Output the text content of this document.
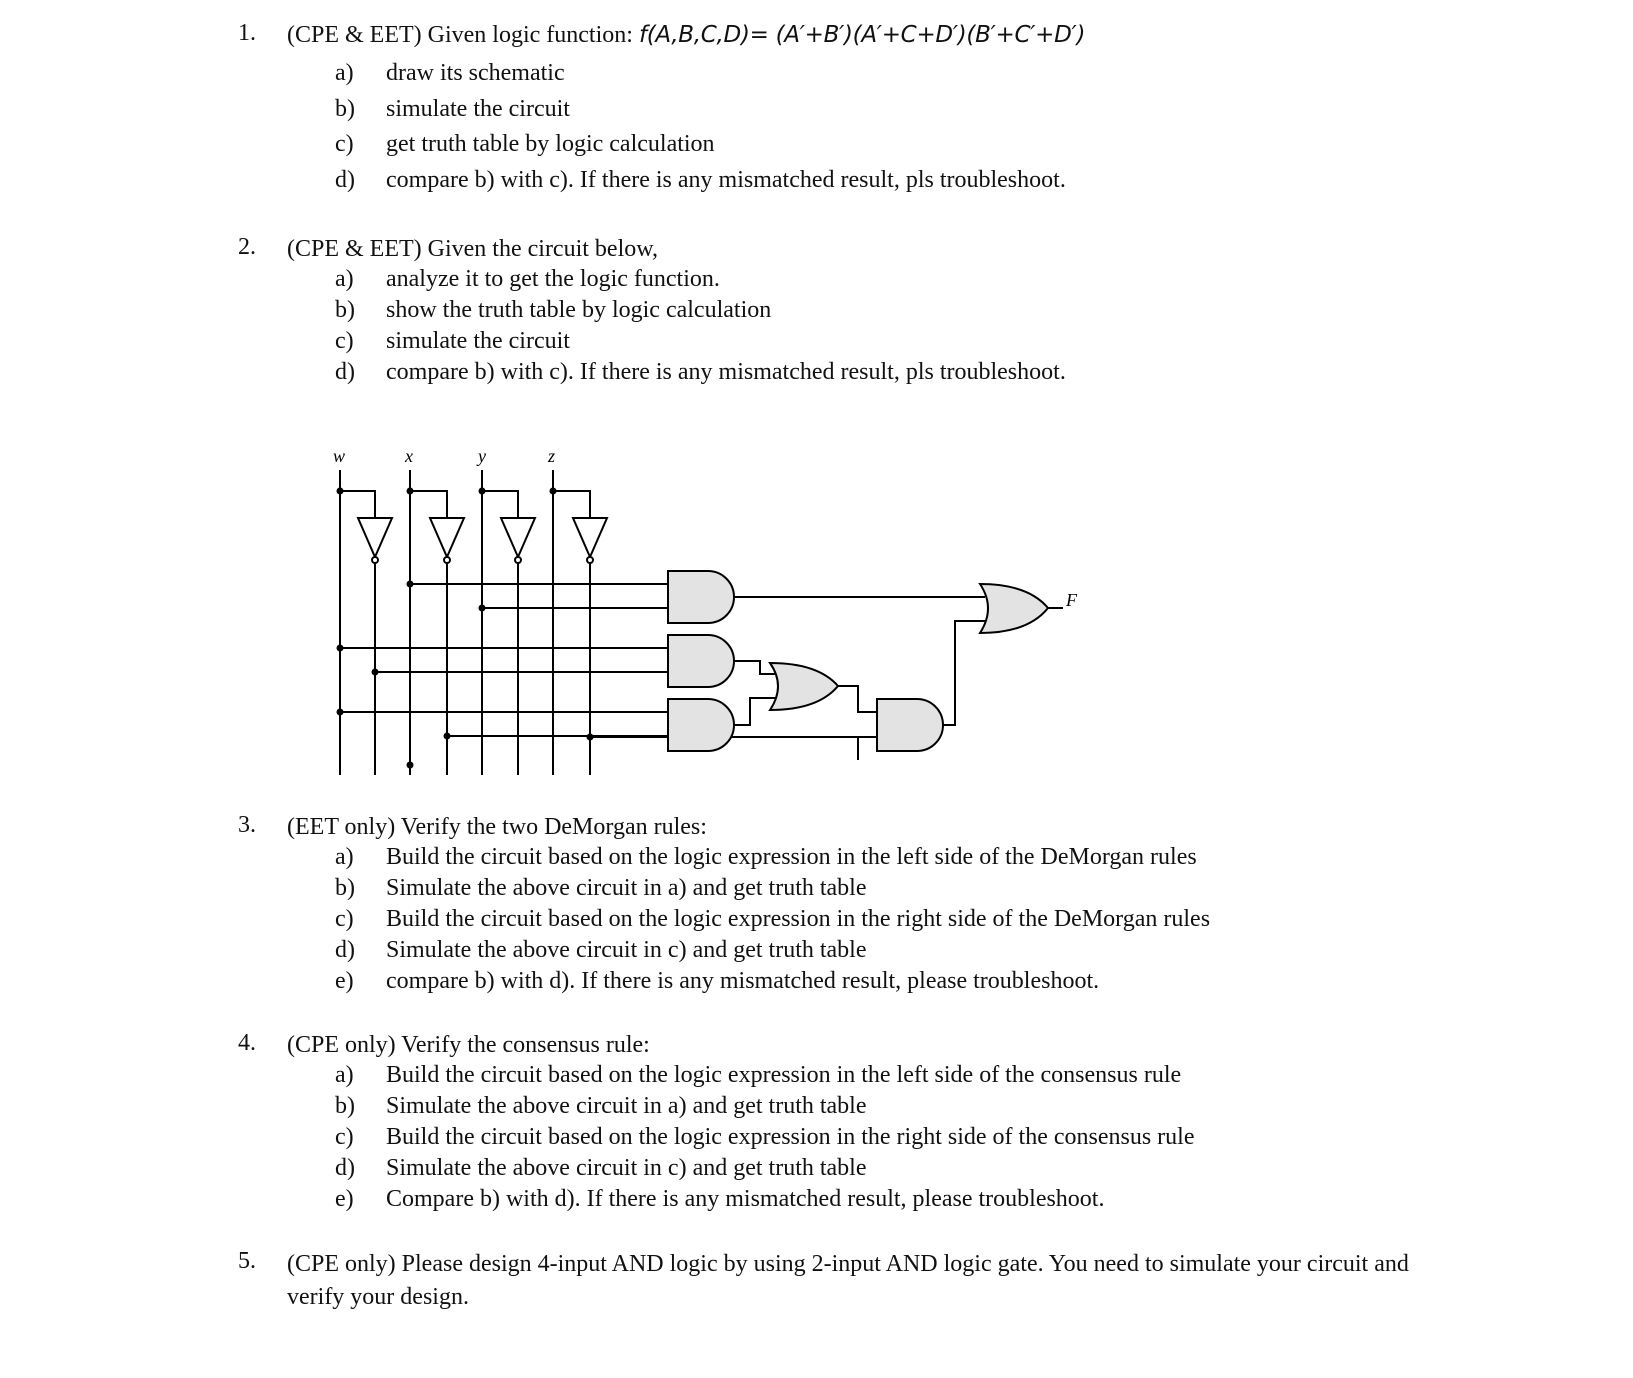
1. (CPE & EET) Given logic function: f(A,B,C,D)= (A′+B′)(A′+C+D′)(B′+C′+D′)
a) draw its schematic
b) simulate the circuit
c) get truth table by logic calculation
d) compare b) with c). If there is any mismatched result, pls troubleshoot.
2. (CPE & EET) Given the circuit below,
a) analyze it to get the logic function.
b) show the truth table by logic calculation
c) simulate the circuit
d) compare b) with c). If there is any mismatched result, pls troubleshoot.
w	x	y	z
F
3. (EET only) Verify the two DeMorgan rules:
a) Build the circuit based on the logic expression in the left side of the DeMorgan rules
b) Simulate the above circuit in a) and get truth table
c) Build the circuit based on the logic expression in the right side of the DeMorgan rules
d) Simulate the above circuit in c) and get truth table
e) compare b) with d). If there is any mismatched result, please troubleshoot.
4. (CPE only) Verify the consensus rule:
a) Build the circuit based on the logic expression in the left side of the consensus rule
b) Simulate the above circuit in a) and get truth table
c) Build the circuit based on the logic expression in the right side of the consensus rule
d) Simulate the above circuit in c) and get truth table
e) Compare b) with d). If there is any mismatched result, please troubleshoot.
5. (CPE only) Please design 4-input AND logic by using 2-input AND logic gate. You need to simulate your circuit and verify your design.
